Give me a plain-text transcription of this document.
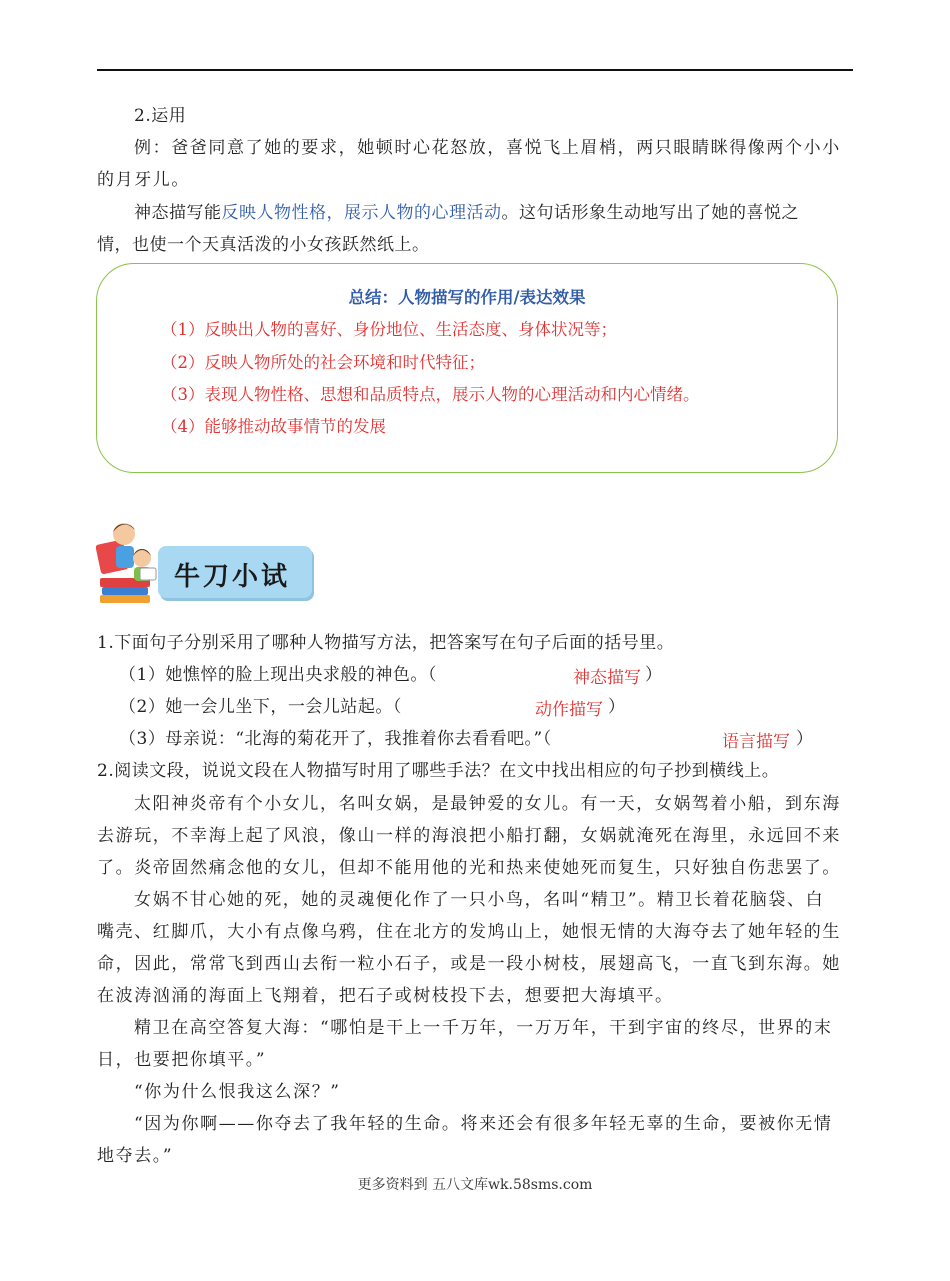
2.运用
例：爸爸同意了她的要求，她顿时心花怒放，喜悦飞上眉梢，两只眼睛眯得像两个小小
的月牙儿。
神态描写能反映人物性格，展示人物的心理活动。这句话形象生动地写出了她的喜悦之
情，也使一个天真活泼的小女孩跃然纸上。
总结：人物描写的作用/表达效果
（1）反映出人物的喜好、身份地位、生活态度、身体状况等；
（2）反映人物所处的社会环境和时代特征；
（3）表现人物性格、思想和品质特点，展示人物的心理活动和内心情绪。
（4）能够推动故事情节的发展
牛刀小试
1.下面句子分别采用了哪种人物描写方法，把答案写在句子后面的括号里。
（1）她憔悴的脸上现出央求般的神色。（	神态描写 ）
（2）她一会儿坐下，一会儿站起。（	动作描写 ）
（3）母亲说：“北海的菊花开了，我推着你去看看吧。”（	语言描写 ）
2.阅读文段，说说文段在人物描写时用了哪些手法？在文中找出相应的句子抄到横线上。
太阳神炎帝有个小女儿，名叫女娲，是最钟爱的女儿。有一天，女娲驾着小船，到东海
去游玩，不幸海上起了风浪，像山一样的海浪把小船打翻，女娲就淹死在海里，永远回不来
了。炎帝固然痛念他的女儿，但却不能用他的光和热来使她死而复生，只好独自伤悲罢了。
女娲不甘心她的死，她的灵魂便化作了一只小鸟，名叫“精卫”。精卫长着花脑袋、白
嘴壳、红脚爪，大小有点像乌鸦，住在北方的发鸠山上，她恨无情的大海夺去了她年轻的生
命，因此，常常飞到西山去衔一粒小石子，或是一段小树枝，展翅高飞，一直飞到东海。她
在波涛汹涌的海面上飞翔着，把石子或树枝投下去，想要把大海填平。
精卫在高空答复大海：“哪怕是干上一千万年，一万万年，干到宇宙的终尽，世界的末
日，也要把你填平。”
“你为什么恨我这么深？”
“因为你啊——你夺去了我年轻的生命。将来还会有很多年轻无辜的生命，要被你无情
地夺去。”
更多资料到 五八文库wk.58sms.com
